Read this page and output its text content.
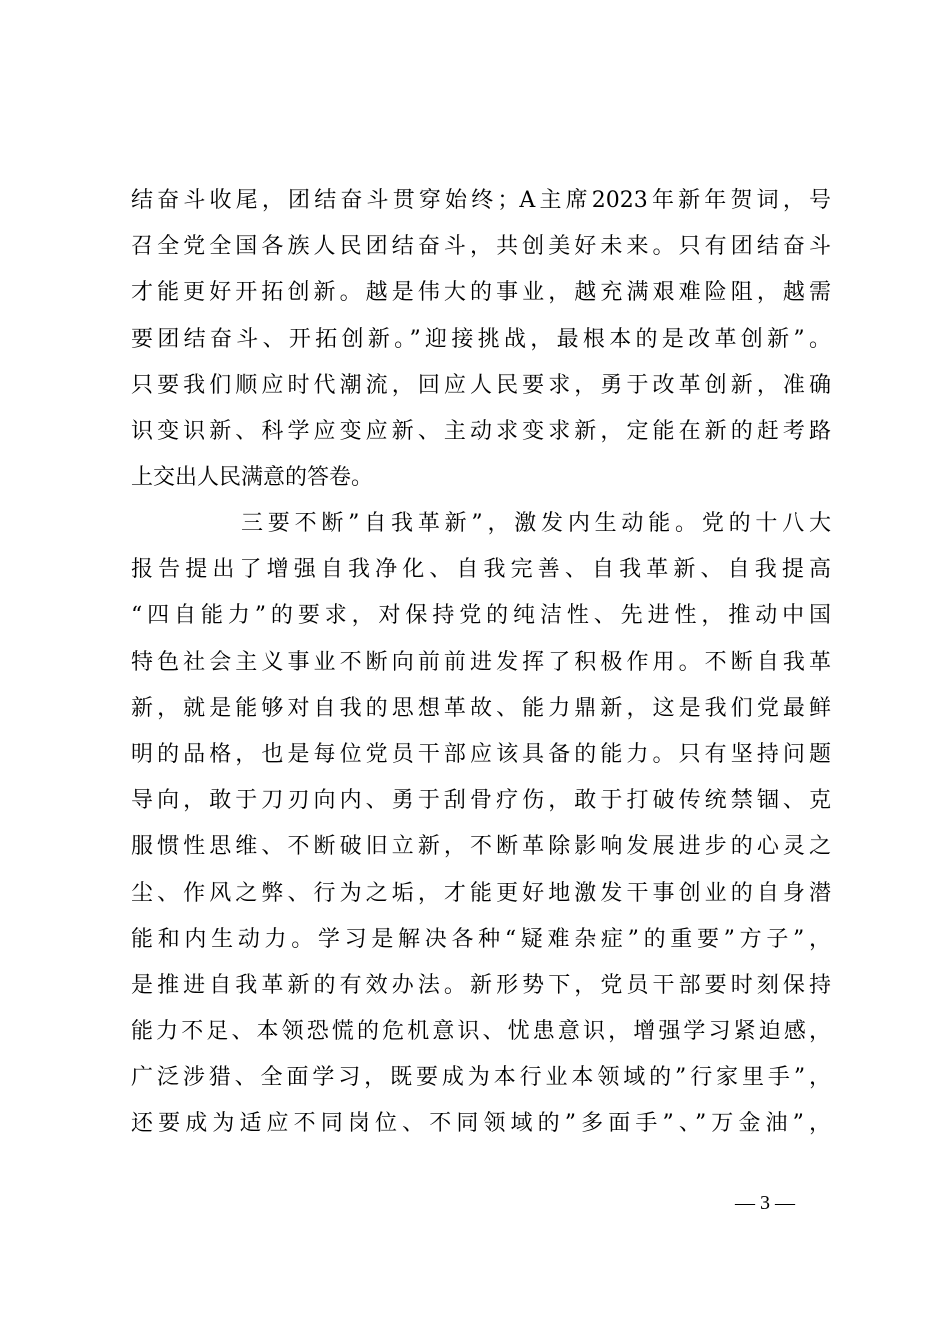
结奋斗收尾，团结奋斗贯穿始终；A主席2023年新年贺词，号
召全党全国各族人民团结奋斗，共创美好未来。只有团结奋斗
才能更好开拓创新。越是伟大的事业，越充满艰难险阻，越需
要团结奋斗、开拓创新。”迎接挑战，最根本的是改革创新”。
只要我们顺应时代潮流，回应人民要求，勇于改革创新，准确
识变识新、科学应变应新、主动求变求新，定能在新的赶考路
上交出人民满意的答卷。
三要不断”自我革新”，激发内生动能。党的十八大
报告提出了增强自我净化、自我完善、自我革新、自我提高
“四自能力”的要求，对保持党的纯洁性、先进性，推动中国
特色社会主义事业不断向前前进发挥了积极作用。不断自我革
新，就是能够对自我的思想革故、能力鼎新，这是我们党最鲜
明的品格，也是每位党员干部应该具备的能力。只有坚持问题
导向，敢于刀刃向内、勇于刮骨疗伤，敢于打破传统禁锢、克
服惯性思维、不断破旧立新，不断革除影响发展进步的心灵之
尘、作风之弊、行为之垢，才能更好地激发干事创业的自身潜
能和内生动力。学习是解决各种“疑难杂症”的重要”方子”，
是推进自我革新的有效办法。新形势下，党员干部要时刻保持
能力不足、本领恐慌的危机意识、忧患意识，增强学习紧迫感，
广泛涉猎、全面学习，既要成为本行业本领域的”行家里手”，
还要成为适应不同岗位、不同领域的”多面手”、”万金油”，
— 3 —
